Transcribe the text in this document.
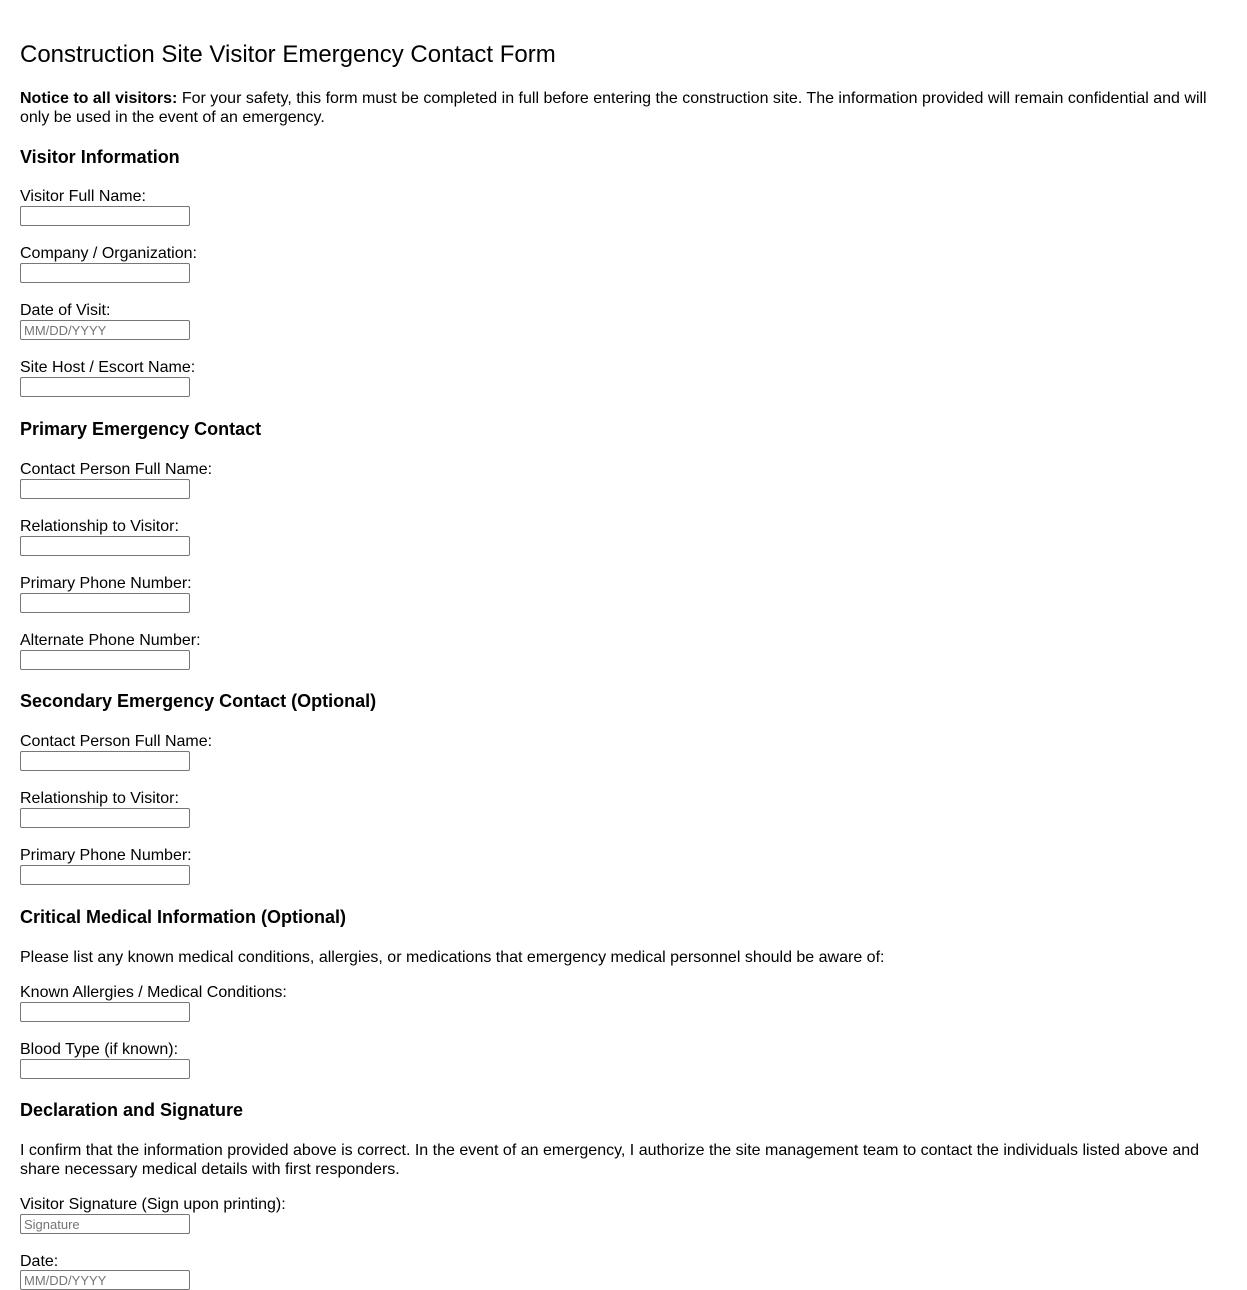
Construction Site Visitor Emergency Contact Form

Notice to all visitors: For your safety, this form must be completed in full before entering the construction site. The information provided will remain confidential and will only be used in the event of an emergency.

Visitor Information
Visitor Full Name:
Company / Organization:
Date of Visit:
MM/DD/YYYY
Site Host / Escort Name:
Primary Emergency Contact
Contact Person Full Name:
Relationship to Visitor:
Primary Phone Number:
Alternate Phone Number:
Secondary Emergency Contact (Optional)
Contact Person Full Name:
Relationship to Visitor:
Primary Phone Number:
Critical Medical Information (Optional)

Please list any known medical conditions, allergies, or medications that emergency medical personnel should be aware of:

Known Allergies / Medical Conditions:
Blood Type (if known):
Declaration and Signature

I confirm that the information provided above is correct. In the event of an emergency, I authorize the site management team to contact the individuals listed above and share necessary medical details with first responders.

Visitor Signature (Sign upon printing):
Signature
Date:
MM/DD/YYYY
